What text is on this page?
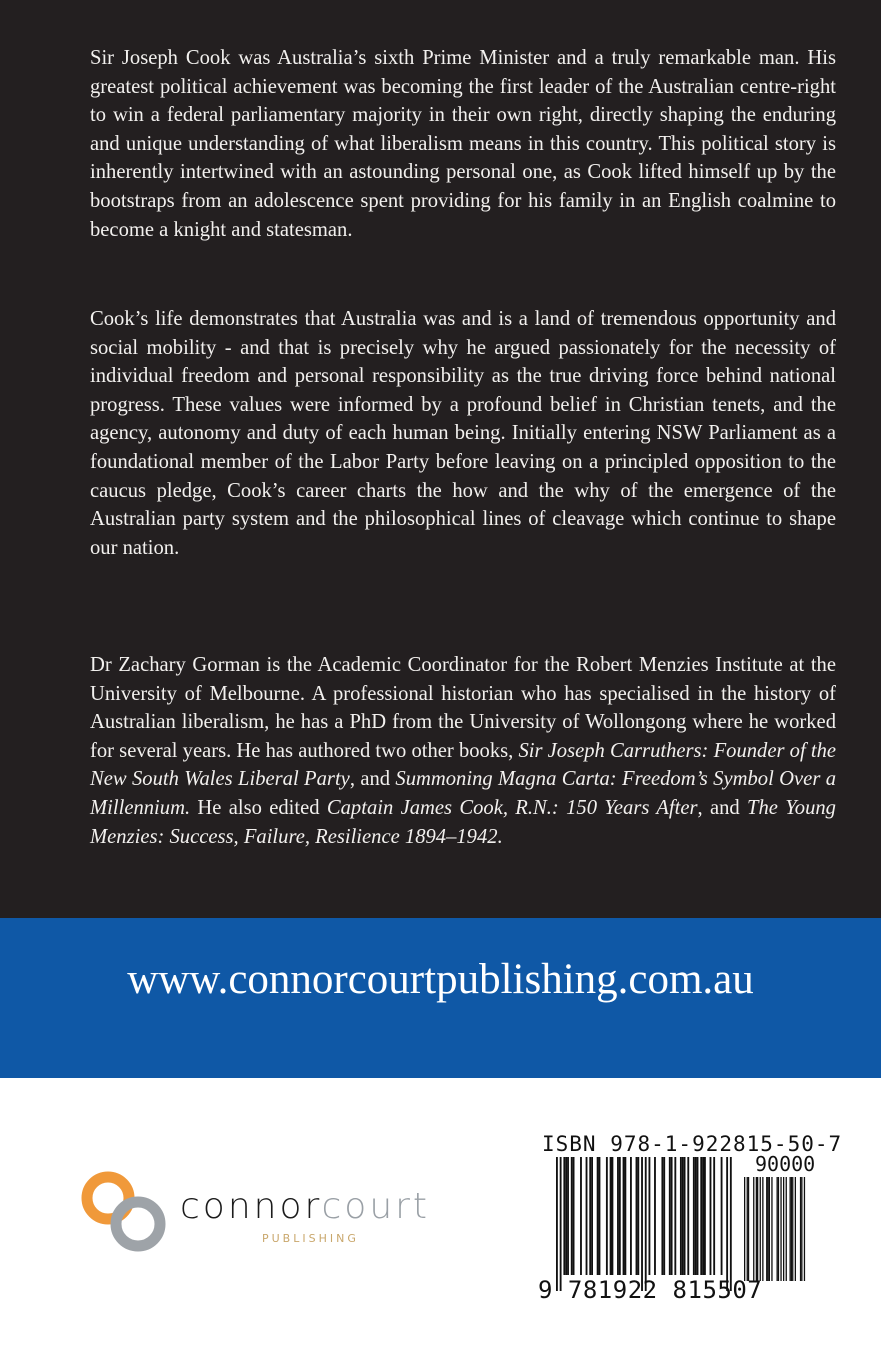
Sir Joseph Cook was Australia’s sixth Prime Minister and a truly remarkable man. His greatest political achievement was becoming the first leader of the Australian centre-right to win a federal parliamentary majority in their own right, directly shaping the enduring and unique understanding of what liberalism means in this country. This political story is inherently intertwined with an astounding personal one, as Cook lifted himself up by the bootstraps from an adolescence spent providing for his family in an English coalmine to become a knight and statesman.

Cook’s life demonstrates that Australia was and is a land of tremendous opportunity and social mobility - and that is precisely why he argued passionately for the necessity of individual freedom and personal responsibility as the true driving force behind national progress. These values were informed by a profound belief in Christian tenets, and the agency, autonomy and duty of each human being. Initially entering NSW Parliament as a foundational member of the Labor Party before leaving on a principled opposition to the caucus pledge, Cook’s career charts the how and the why of the emergence of the Australian party system and the philosophical lines of cleavage which continue to shape our nation.

Dr Zachary Gorman is the Academic Coordinator for the Robert Menzies Institute at the University of Melbourne. A professional historian who has specialised in the history of Australian liberalism, he has a PhD from the University of Wollongong where he worked for several years. He has authored two other books, Sir Joseph Carruthers: Founder of the New South Wales Liberal Party, and Summoning Magna Carta: Freedom’s Symbol Over a Millennium. He also edited Captain James Cook, R.N.: 150 Years After, and The Young Menzies: Success, Failure, Resilience 1894–1942.

www.connorcourtpublishing.com.au
connorcourt
PUBLISHING
ISBN 978-1-922815-50-7
90000
9 781922 815507
